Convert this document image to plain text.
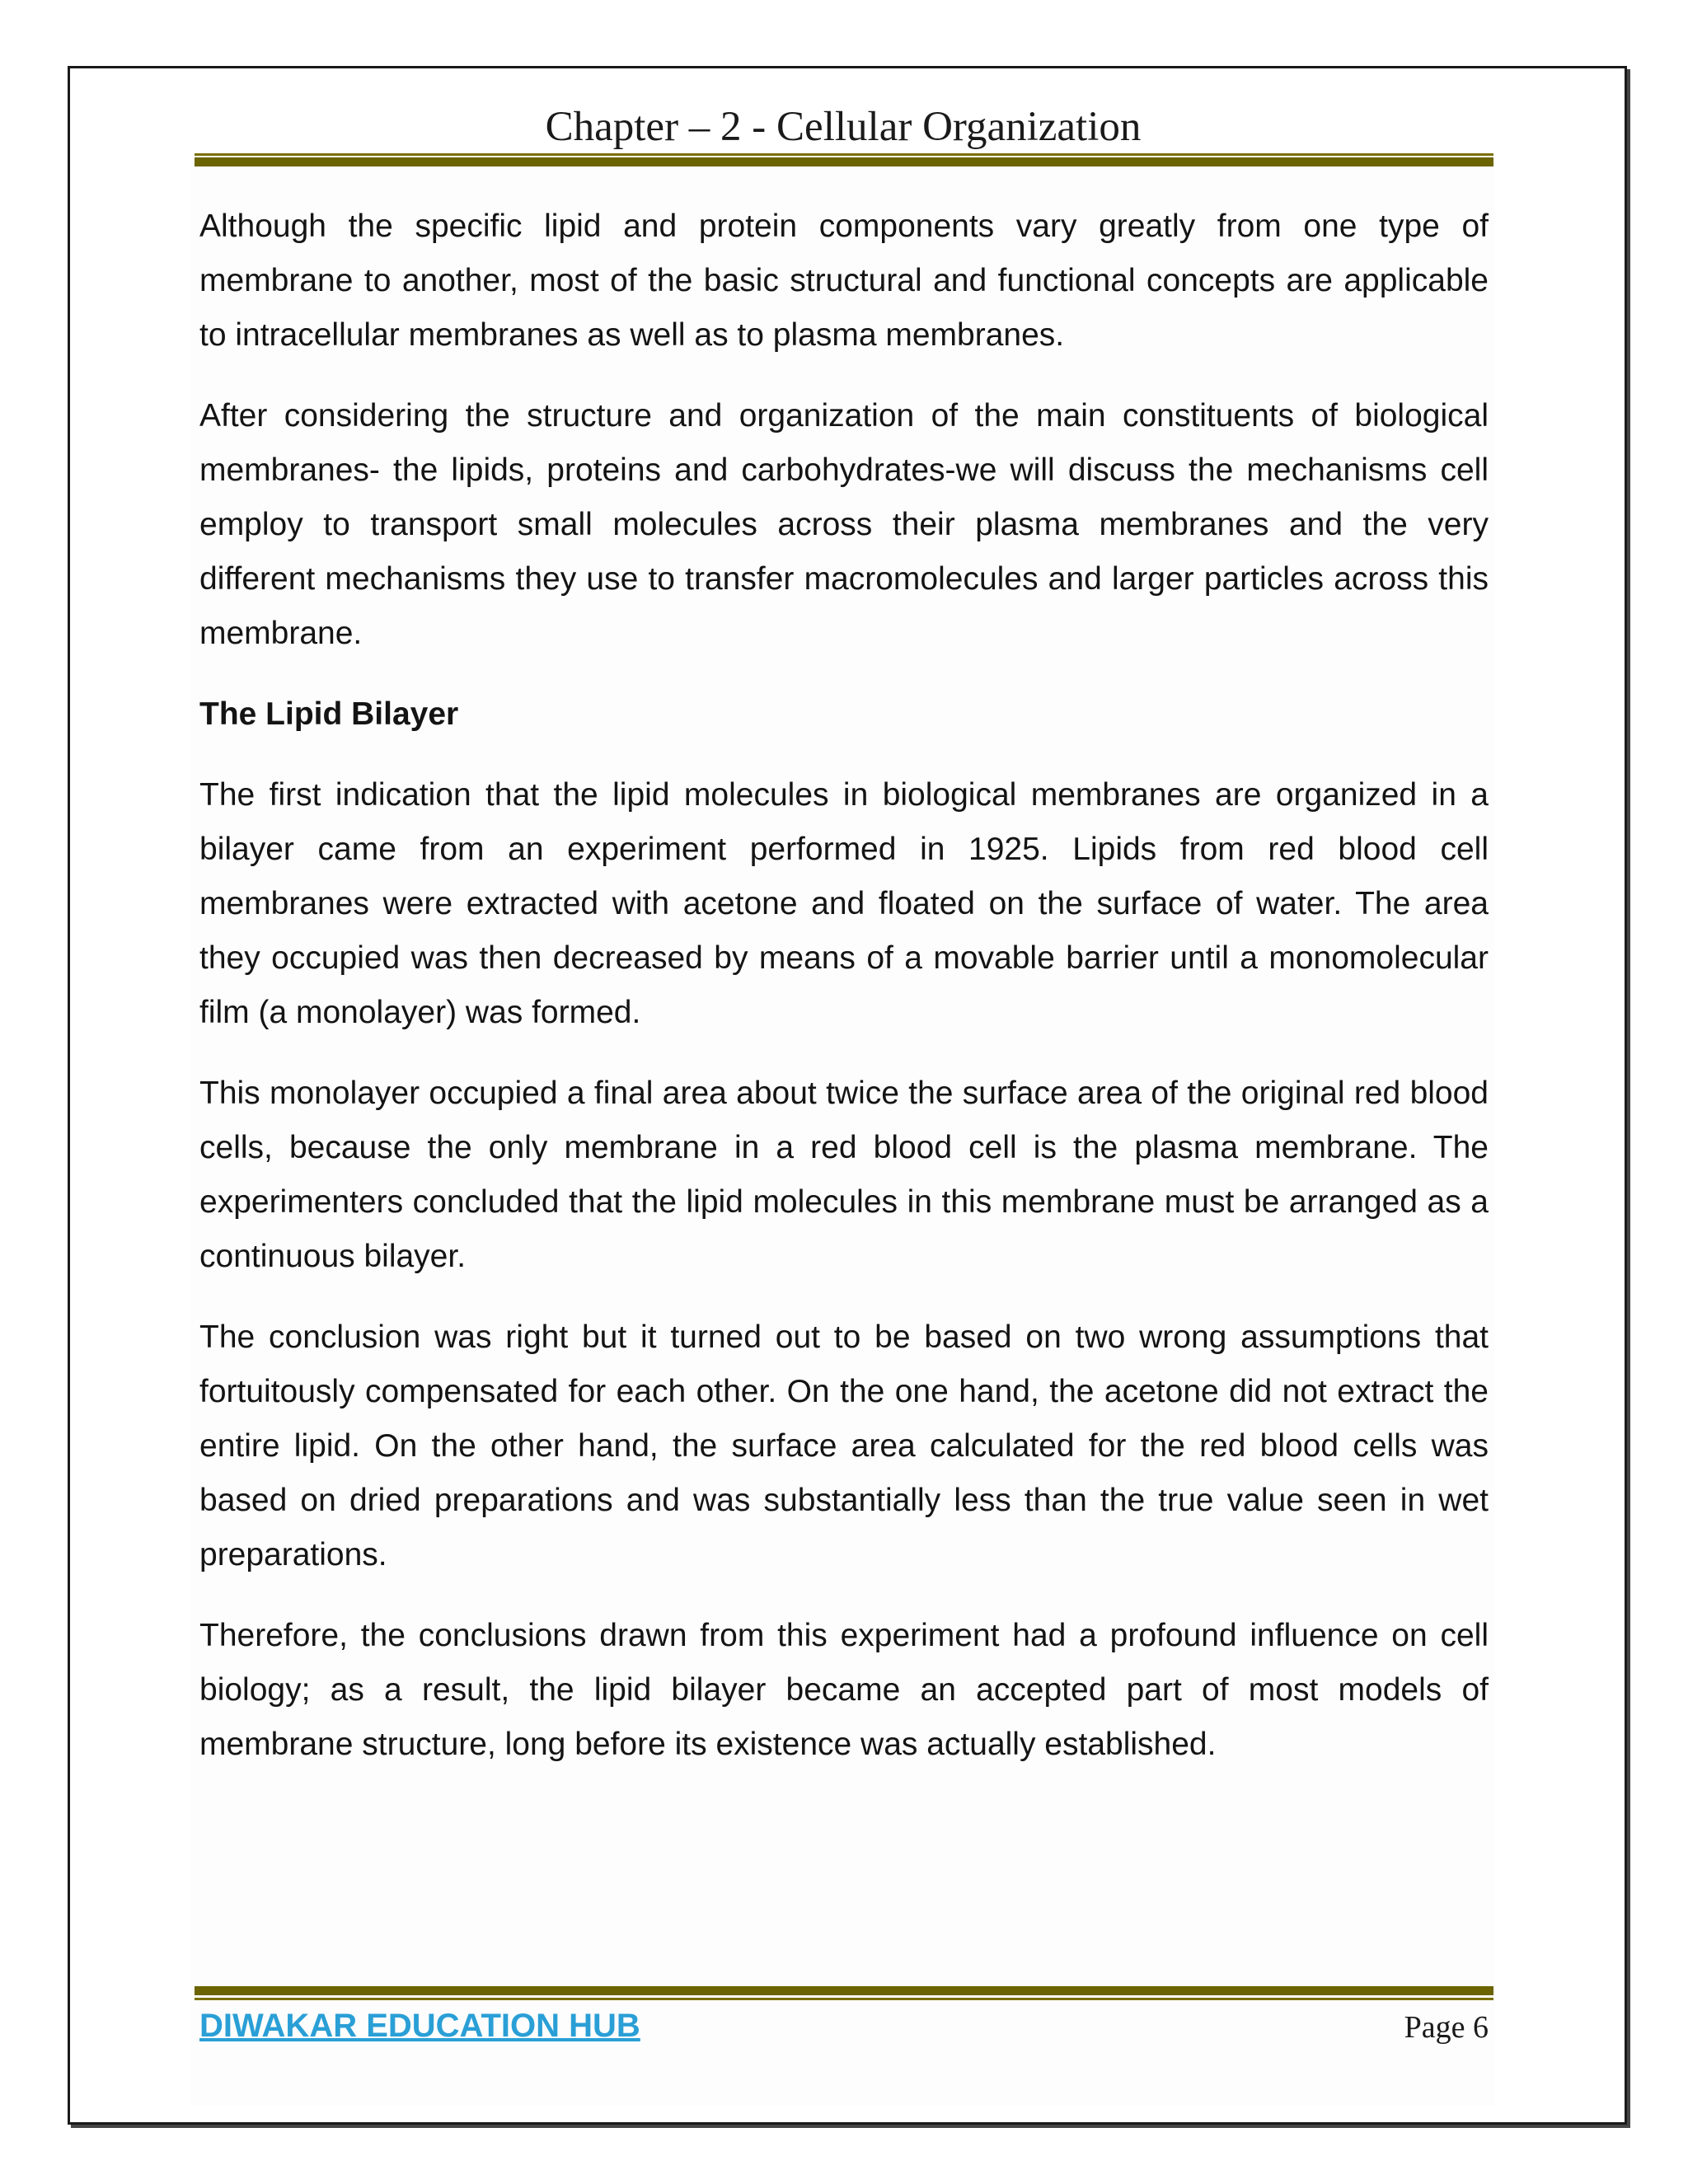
Chapter – 2 - Cellular Organization

Although the specific lipid and protein components vary greatly from one type of membrane to another, most of the basic structural and functional concepts are applicable to intracellular membranes as well as to plasma membranes.

After considering the structure and organization of the main constituents of biological membranes- the lipids, proteins and carbohydrates-we will discuss the mechanisms cell employ to transport small molecules across their plasma membranes and the very different mechanisms they use to transfer macromolecules and larger particles across this membrane.

The Lipid Bilayer

The first indication that the lipid molecules in biological membranes are organized in a bilayer came from an experiment performed in 1925. Lipids from red blood cell membranes were extracted with acetone and floated on the surface of water. The area they occupied was then decreased by means of a movable barrier until a monomolecular film (a monolayer) was formed.

This monolayer occupied a final area about twice the surface area of the original red blood cells, because the only membrane in a red blood cell is the plasma membrane. The experimenters concluded that the lipid molecules in this membrane must be arranged as a continuous bilayer.

The conclusion was right but it turned out to be based on two wrong assumptions that fortuitously compensated for each other. On the one hand, the acetone did not extract the entire lipid. On the other hand, the surface area calculated for the red blood cells was based on dried preparations and was substantially less than the true value seen in wet preparations.

Therefore, the conclusions drawn from this experiment had a profound influence on cell biology; as a result, the lipid bilayer became an accepted part of most models of membrane structure, long before its existence was actually established.

DIWAKAR EDUCATION HUB	Page 6
